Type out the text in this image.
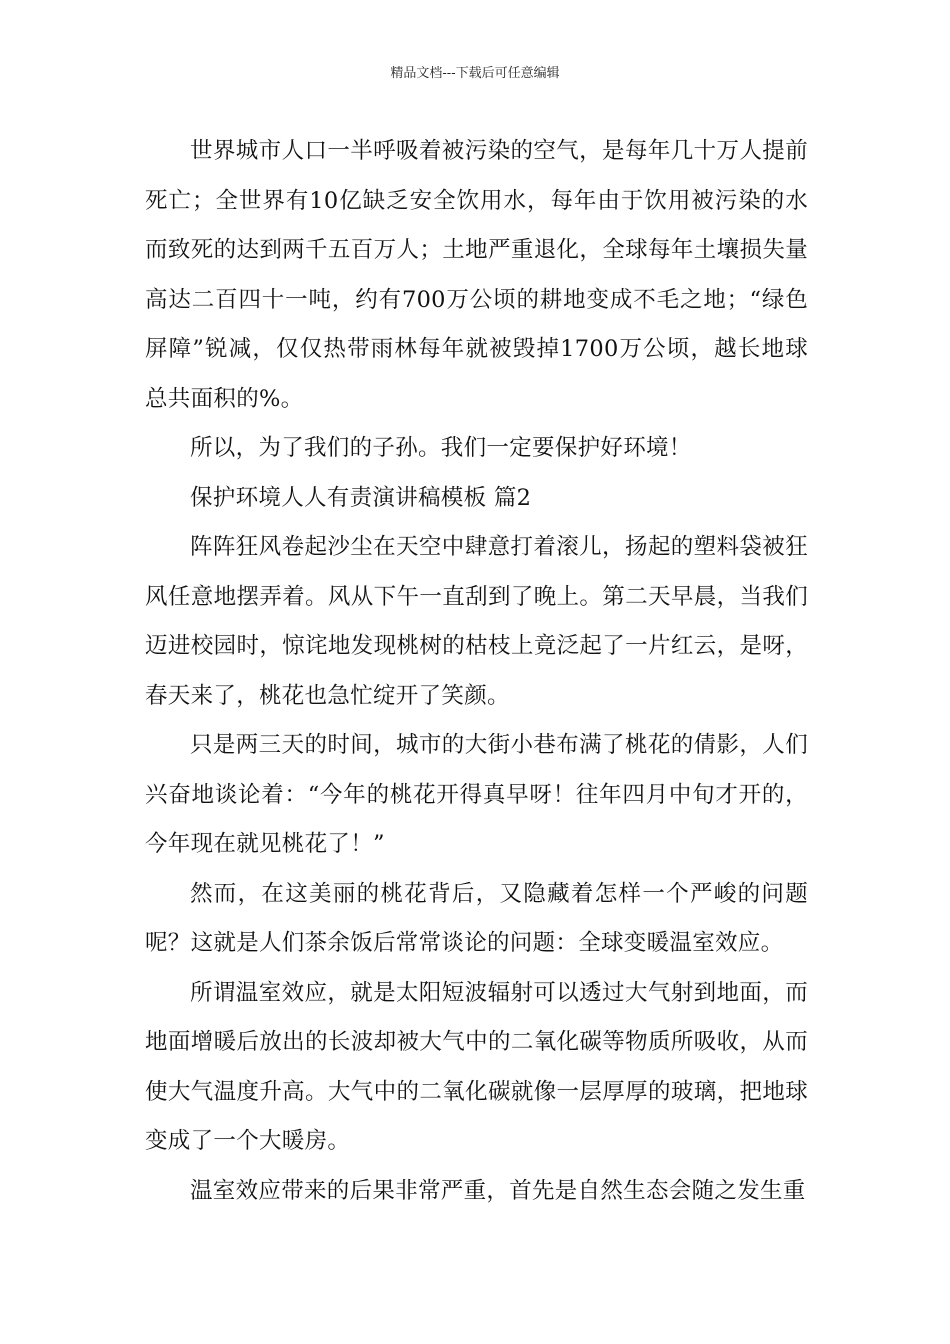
精品文档---下载后可任意编辑

世界城市人口一半呼吸着被污染的空气，是每年几十万人提前死亡；全世界有10亿缺乏安全饮用水，每年由于饮用被污染的水而致死的达到两千五百万人；土地严重退化，全球每年土壤损失量高达二百四十一吨，约有700万公顷的耕地变成不毛之地；“绿色屏障”锐减，仅仅热带雨林每年就被毁掉1700万公顷，越长地球总共面积的%。

所以，为了我们的子孙。我们一定要保护好环境！

保护环境人人有责演讲稿模板 篇2

阵阵狂风卷起沙尘在天空中肆意打着滚儿，扬起的塑料袋被狂风任意地摆弄着。风从下午一直刮到了晚上。第二天早晨，当我们迈进校园时，惊诧地发现桃树的枯枝上竟泛起了一片红云，是呀，春天来了，桃花也急忙绽开了笑颜。

只是两三天的时间，城市的大街小巷布满了桃花的倩影，人们兴奋地谈论着：“今年的桃花开得真早呀！往年四月中旬才开的，今年现在就见桃花了！”

然而，在这美丽的桃花背后，又隐藏着怎样一个严峻的问题呢？这就是人们茶余饭后常常谈论的问题：全球变暖温室效应。

所谓温室效应，就是太阳短波辐射可以透过大气射到地面，而地面增暖后放出的长波却被大气中的二氧化碳等物质所吸收，从而使大气温度升高。大气中的二氧化碳就像一层厚厚的玻璃，把地球变成了一个大暖房。

温室效应带来的后果非常严重，首先是自然生态会随之发生重
